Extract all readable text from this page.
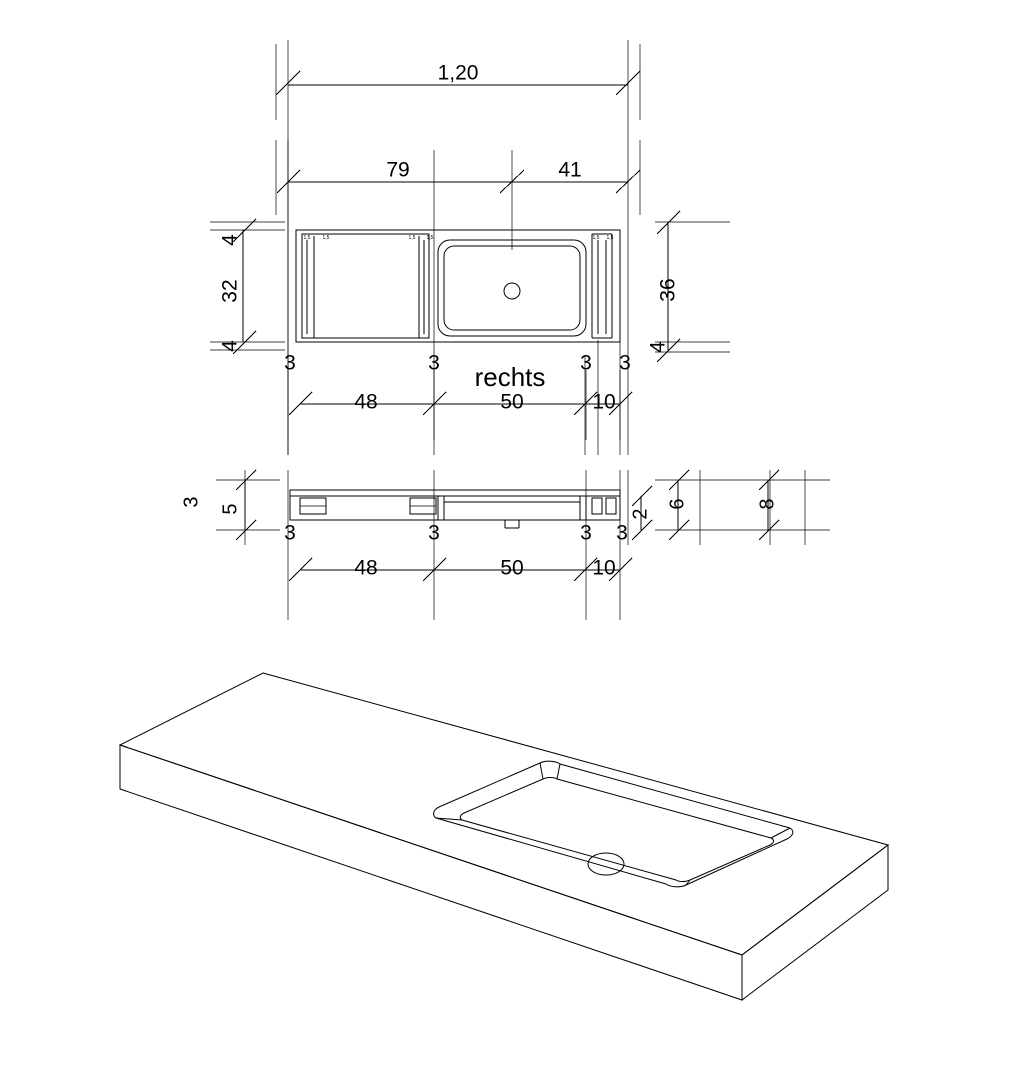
1,20
79	41
1,5 1,5	1,5 1,5	1,5 1,5
4
32
4
36
4
3	3	3 3
rechts
48	50	10
3
5	2
6	8
3	3	3 3
48	50	10
